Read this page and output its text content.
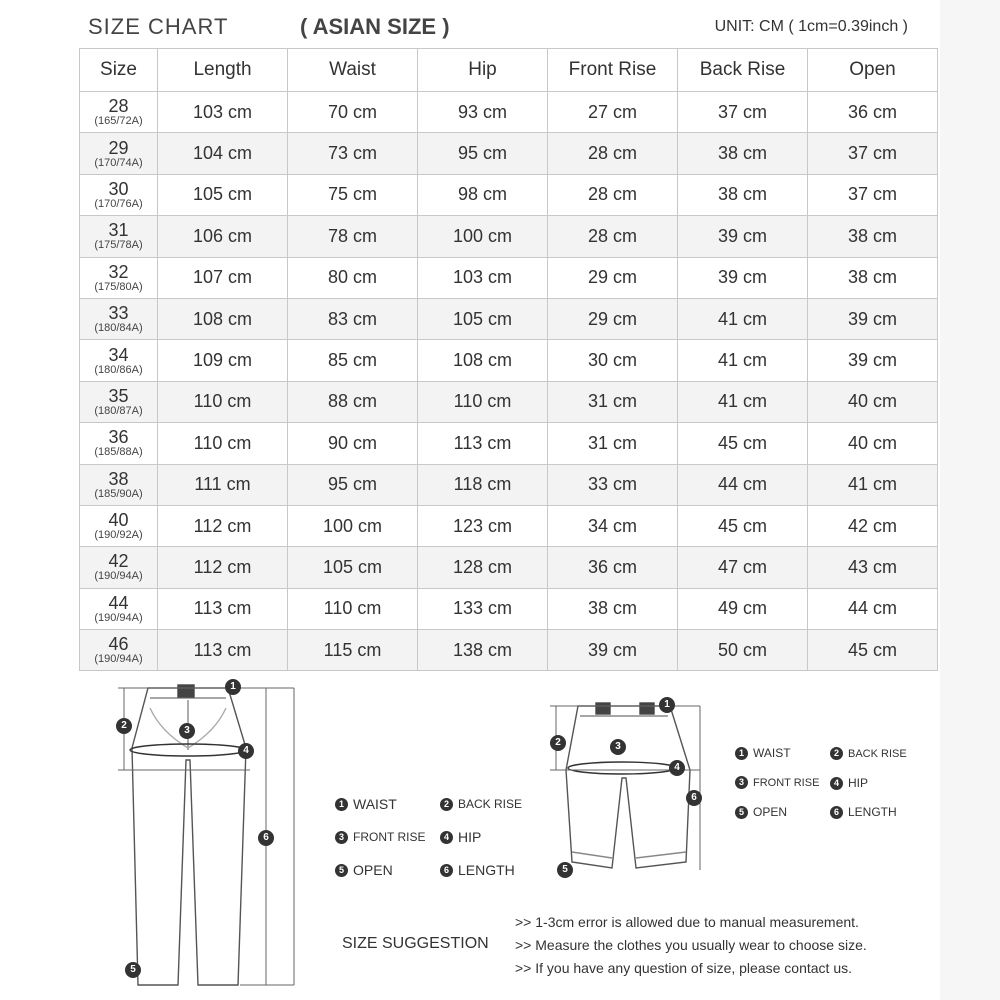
SIZE CHART	( ASIAN SIZE )	UNIT: CM ( 1cm=0.39inch )
Size	Length	Waist	Hip	Front Rise	Back Rise	Open

28
(165/72A)	103 cm	70 cm	93 cm	27 cm	37 cm	36 cm

29
(170/74A)	104 cm	73 cm	95 cm	28 cm	38 cm	37 cm

30
(170/76A)	105 cm	75 cm	98 cm	28 cm	38 cm	37 cm

31
(175/78A)	106 cm	78 cm	100 cm	28 cm	39 cm	38 cm

32
(175/80A)	107 cm	80 cm	103 cm	29 cm	39 cm	38 cm

33
(180/84A)	108 cm	83 cm	105 cm	29 cm	41 cm	39 cm

34
(180/86A)	109 cm	85 cm	108 cm	30 cm	41 cm	39 cm

35
(180/87A)	110 cm	88 cm	110 cm	31 cm	41 cm	40 cm

36
(185/88A)	110 cm	90 cm	113 cm	31 cm	45 cm	40 cm

38
(185/90A)	111 cm	95 cm	118 cm	33 cm	44 cm	41 cm

40
(190/92A)	112 cm	100 cm	123 cm	34 cm	45 cm	42 cm

42
(190/94A)	112 cm	105 cm	128 cm	36 cm	47 cm	43 cm

44
(190/94A)	113 cm	110 cm	133 cm	38 cm	49 cm	44 cm

46
(190/94A)	113 cm	115 cm	138 cm	39 cm	50 cm	45 cm
1
2	3
4
5
6
1
2	3
4
5
6
1 WAIST	2 BACK RISE
3 FRONT RISE	4 HIP
5 OPEN	6 LENGTH
1 WAIST	2 BACK RISE
3 FRONT RISE	4 HIP
5 OPEN	6 LENGTH
SIZE SUGGESTION
>> 1-3cm error is allowed due to manual measurement.
>> Measure the clothes you usually wear to choose size.
>> If you have any question of size, please contact us.
